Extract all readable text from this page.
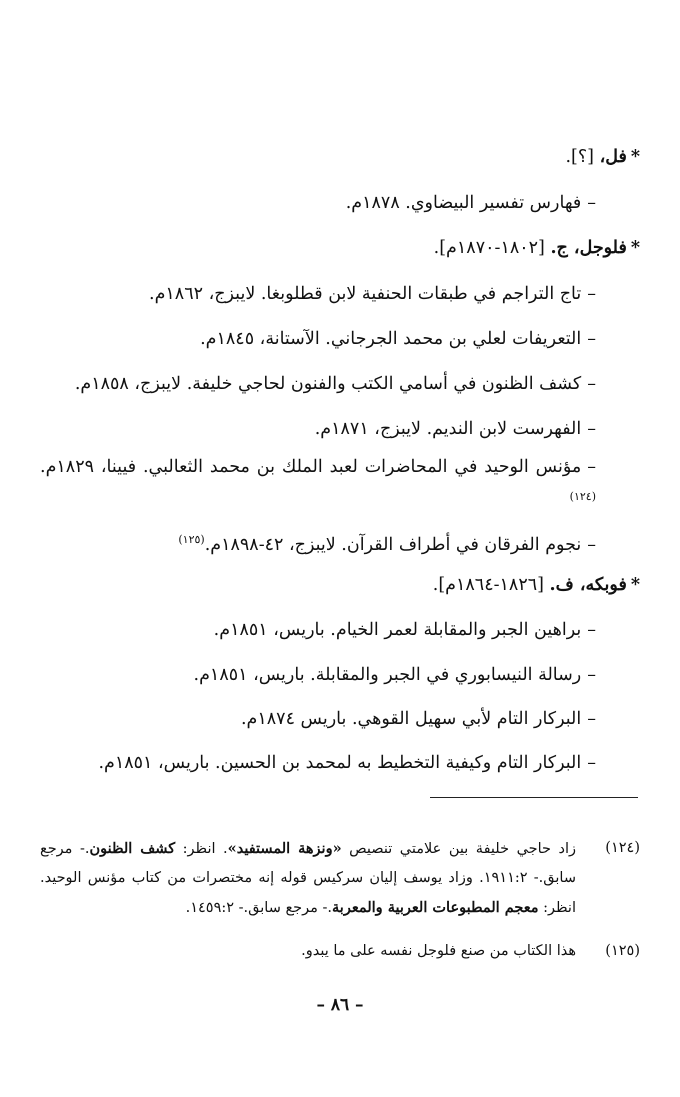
*فل، [؟].
–فهارس تفسير البيضاوي. ١٨٧٨م.
*فلوجل، ج. [١٨٠٢-١٨٧٠م].
–تاج التراجم في طبقات الحنفية لابن قطلوبغا. لايبزج، ١٨٦٢م.
–التعريفات لعلي بن محمد الجرجاني. الآستانة، ١٨٤٥م.
–كشف الظنون في أسامي الكتب والفنون لحاجي خليفة. لايبزج، ١٨٥٨م.
–الفهرست لابن النديم. لايبزج، ١٨٧١م.
–مؤنس الوحيد في المحاضرات لعبد الملك بن محمد الثعالبي. فيينا، ١٨٢٩م.$^{(١٢٤)}$
–نجوم الفرقان في أطراف القرآن. لايبزج، ٤٢-١٨٩٨م.$^{(١٢٥)}$
*فوبكه، ف. [١٨٢٦-١٨٦٤م].
–براهين الجبر والمقابلة لعمر الخيام. باريس، ١٨٥١م.
–رسالة النيسابوري في الجبر والمقابلة. باريس، ١٨٥١م.
–البركار التام لأبي سهيل القوهي. باريس ١٨٧٤م.
–البركار التام وكيفية التخطيط به لمحمد بن الحسين. باريس، ١٨٥١م.
(١٢٤)
زاد حاجي خليفة بين علامتي تنصيص «ونزهة المستفيد». انظر: كشف الظنون.- مرجع سابق.- ١٩١١:٢. وزاد يوسف إليان سركيس قوله إنه مختصرات من كتاب مؤنس الوحيد. انظر: معجم المطبوعات العربية والمعربة.- مرجع سابق.- ١٤٥٩:٢.
(١٢٥)
هذا الكتاب من صنع فلوجل نفسه على ما يبدو.
– ٨٦ –
